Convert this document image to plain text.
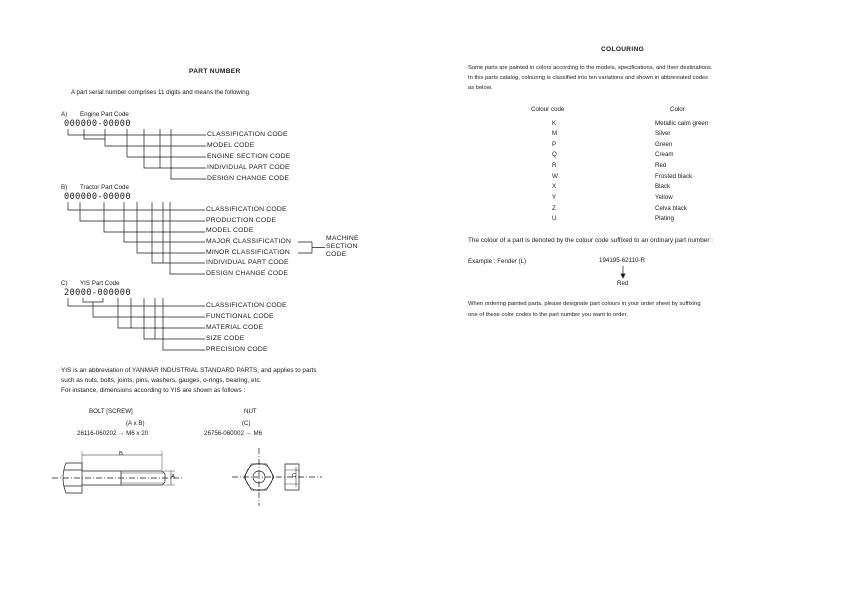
PART NUMBER
A part serial number comprises 11 digits and means the following.
A) Engine Part Code
000000-00000
CLASSIFICATION CODE
MODEL CODE
ENGINE SECTION CODE
INDIVIDUAL PART CODE
DESIGN CHANGE CODE
B) Tractor Part Code
000000-00000
CLASSIFICATION CODE
PRODUCTION CODE
MODEL CODE
MAJOR CLASSIFICATION
MINOR CLASSIFICATION
INDIVIDUAL PART CODE
DESIGN CHANGE CODE
MACHINE
SECTION
CODE
C) YIS Part Code
20000-000000
CLASSIFICATION CODE
FUNCTIONAL CODE
MATERIAL CODE
SIZE CODE
PRECISION CODE
YIS is an abbreviation of YANMAR INDUSTRIAL STANDARD PARTS, and applies to parts
such as nuts, bolts, joints, pins, washers, gauges, o-rings, bearing, etc.
For instance, dimensions according to YIS are shown as follows :
BOLT [SCREW]
(A x B)
26116-060202 → M6 x 20
NUT
(C)
26756-060002 → M6
B
A	C
COLOURING
Some parts are painted in colors according to the models, specifications, and their destinations.
In this parts catalog, colouring is classified into ten variations and shown in abbreviated codes
as below.
Colour code	Color
K	Metallic calm green
M	Silver
P	Green
Q	Cream
R	Red
W	Frosted black
X	Black
Y	Yellow
Z	Celva black
U	Plating
The colour of a part is denoted by the colour code suffixed to an ordinary part number :
Example : Fender (L)	194195-62110-R
Red
When ordering painted parts, please designate part colours in your order sheet by suffixing
one of these color codes to the part number you want to order.
